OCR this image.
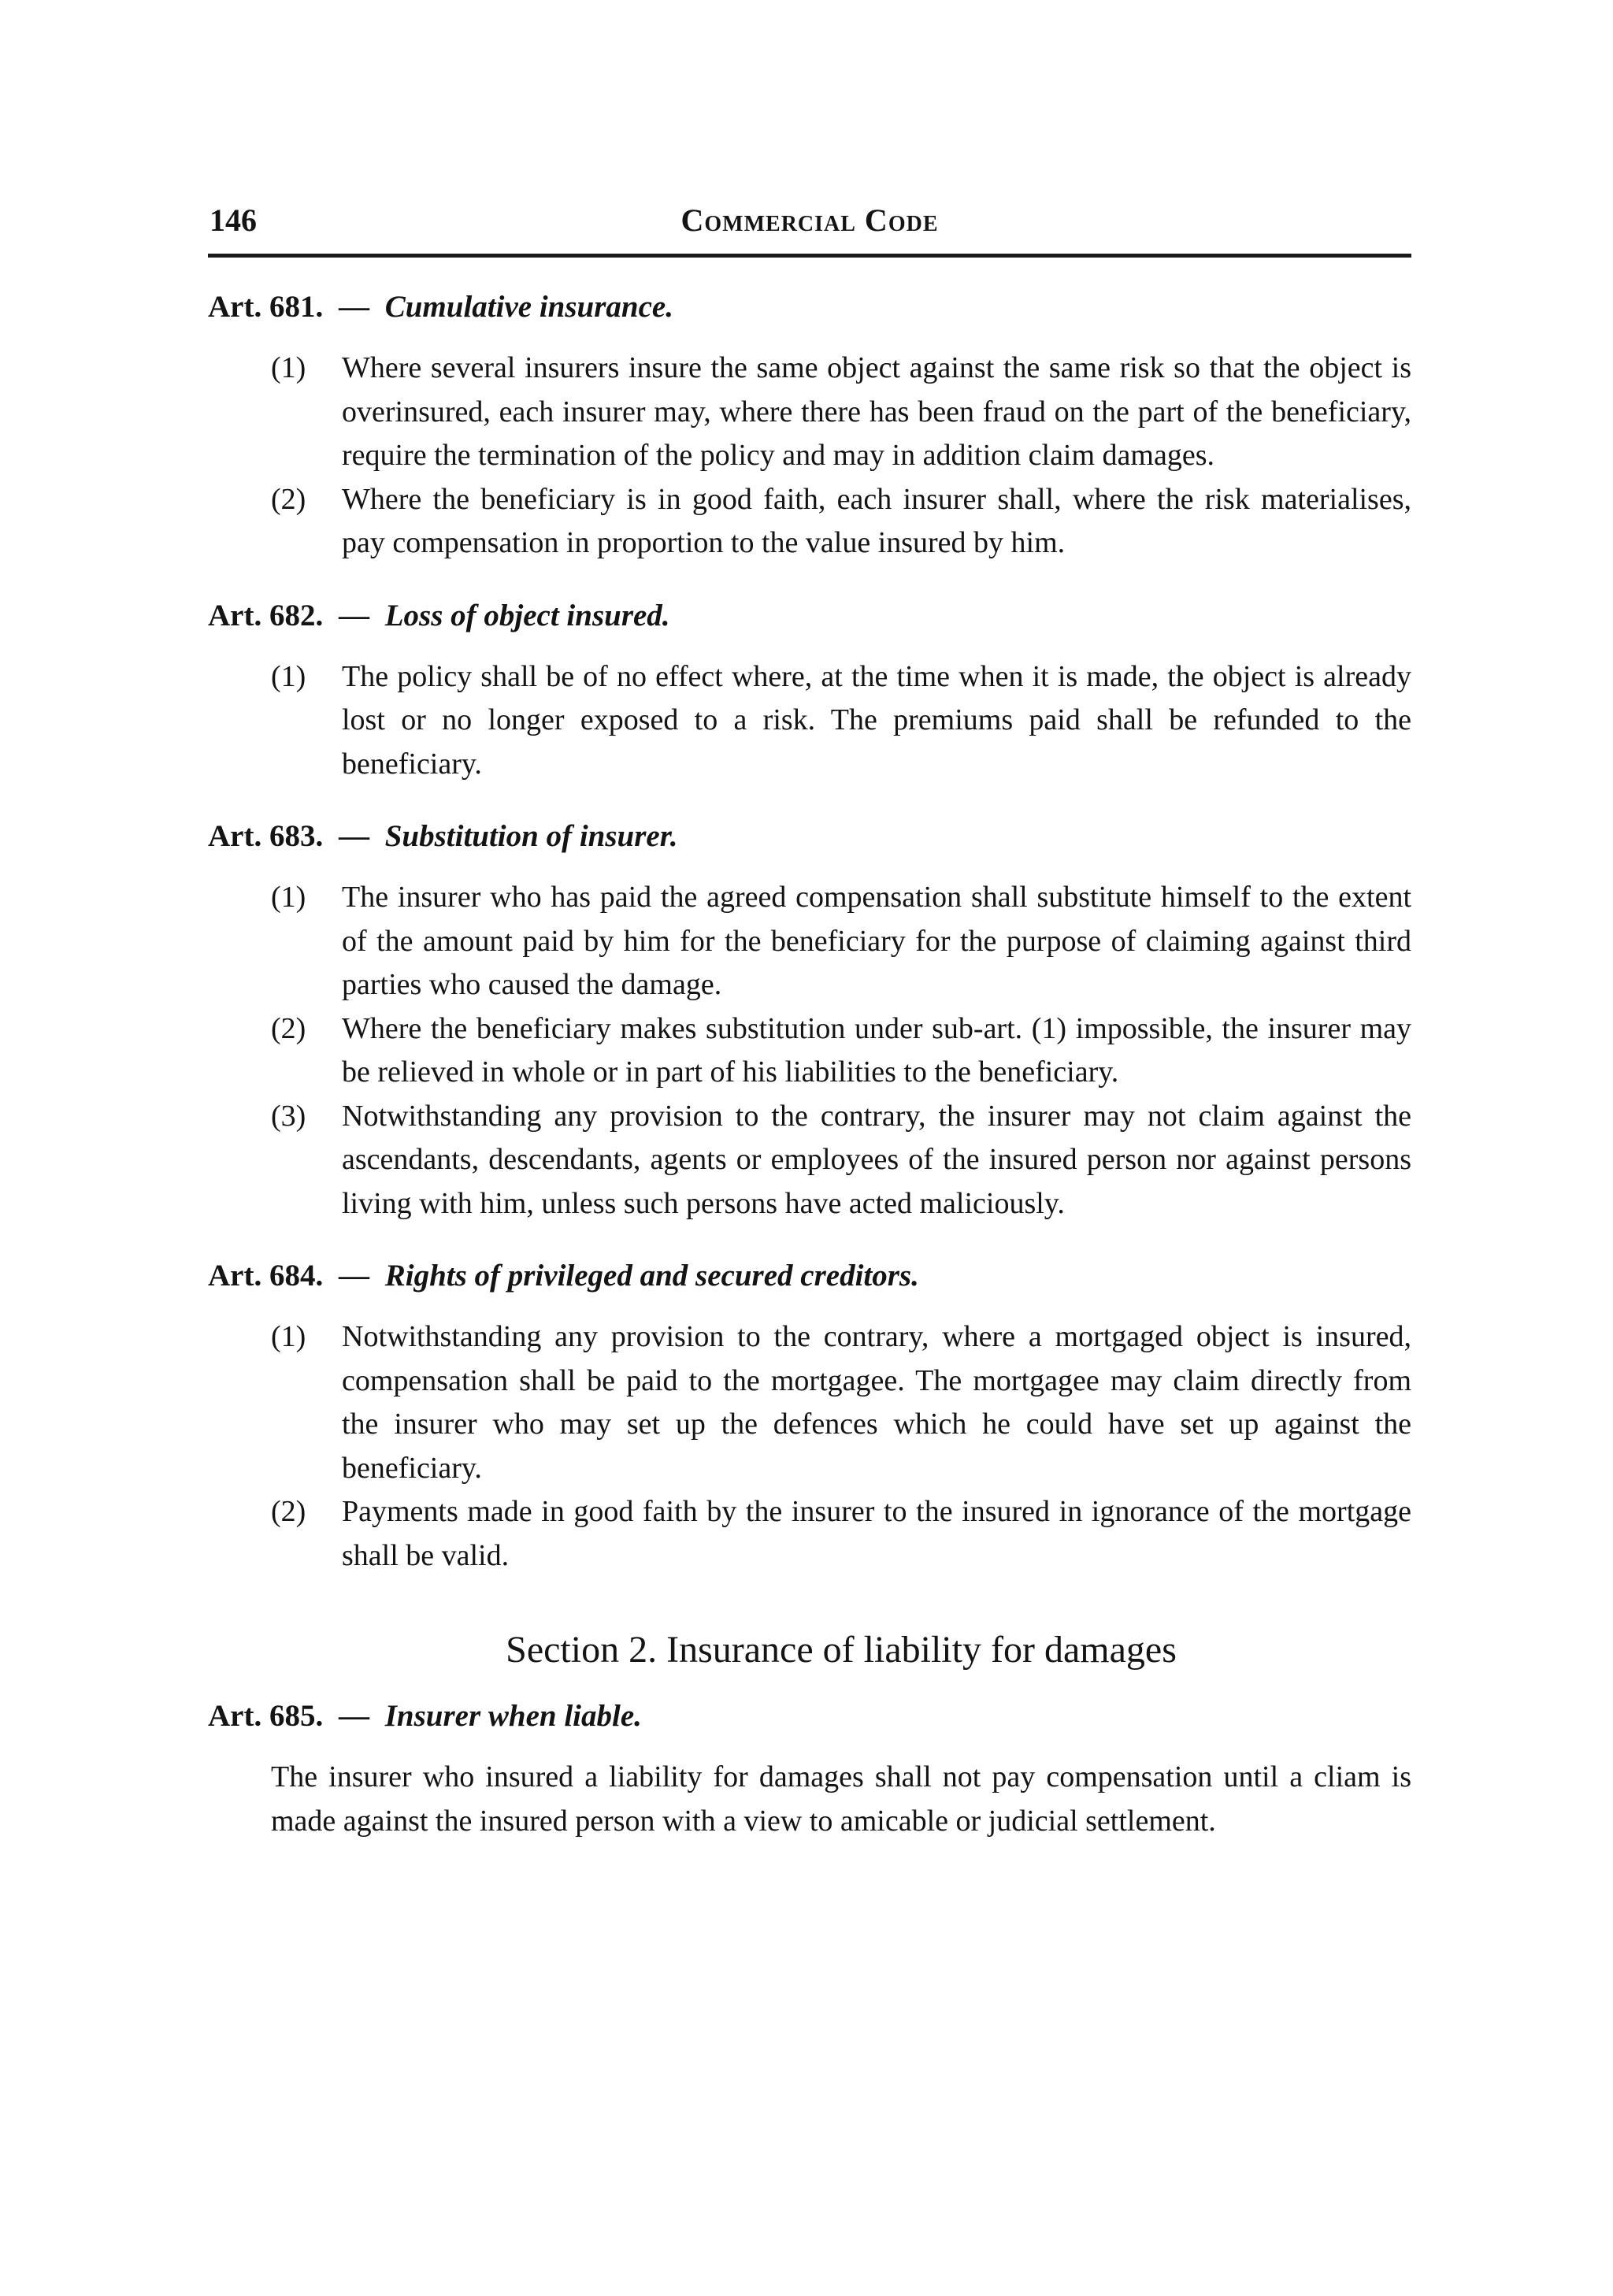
146	Commercial Code
Art. 681. — Cumulative insurance.
(1) Where several insurers insure the same object against the same risk so that the object is overinsured, each insurer may, where there has been fraud on the part of the beneficiary, require the termination of the policy and may in addition claim damages.
(2) Where the beneficiary is in good faith, each insurer shall, where the risk materialises, pay compensation in proportion to the value insured by him.
Art. 682. — Loss of object insured.
(1) The policy shall be of no effect where, at the time when it is made, the object is already lost or no longer exposed to a risk. The premiums paid shall be refunded to the beneficiary.
Art. 683. — Substitution of insurer.
(1) The insurer who has paid the agreed compensation shall substitute himself to the extent of the amount paid by him for the beneficiary for the purpose of claiming against third parties who caused the damage.
(2) Where the beneficiary makes substitution under sub-art. (1) impossible, the insurer may be relieved in whole or in part of his liabilities to the beneficiary.
(3) Notwithstanding any provision to the contrary, the insurer may not claim against the ascendants, descendants, agents or employees of the insured person nor against persons living with him, unless such persons have acted maliciously.
Art. 684. — Rights of privileged and secured creditors.
(1) Notwithstanding any provision to the contrary, where a mortgaged object is insured, compensation shall be paid to the mortgagee. The mortgagee may claim directly from the insurer who may set up the defences which he could have set up against the beneficiary.
(2) Payments made in good faith by the insurer to the insured in ignorance of the mortgage shall be valid.
Section 2. Insurance of liability for damages
Art. 685. — Insurer when liable.
The insurer who insured a liability for damages shall not pay compensation until a cliam is made against the insured person with a view to amicable or judicial settlement.
